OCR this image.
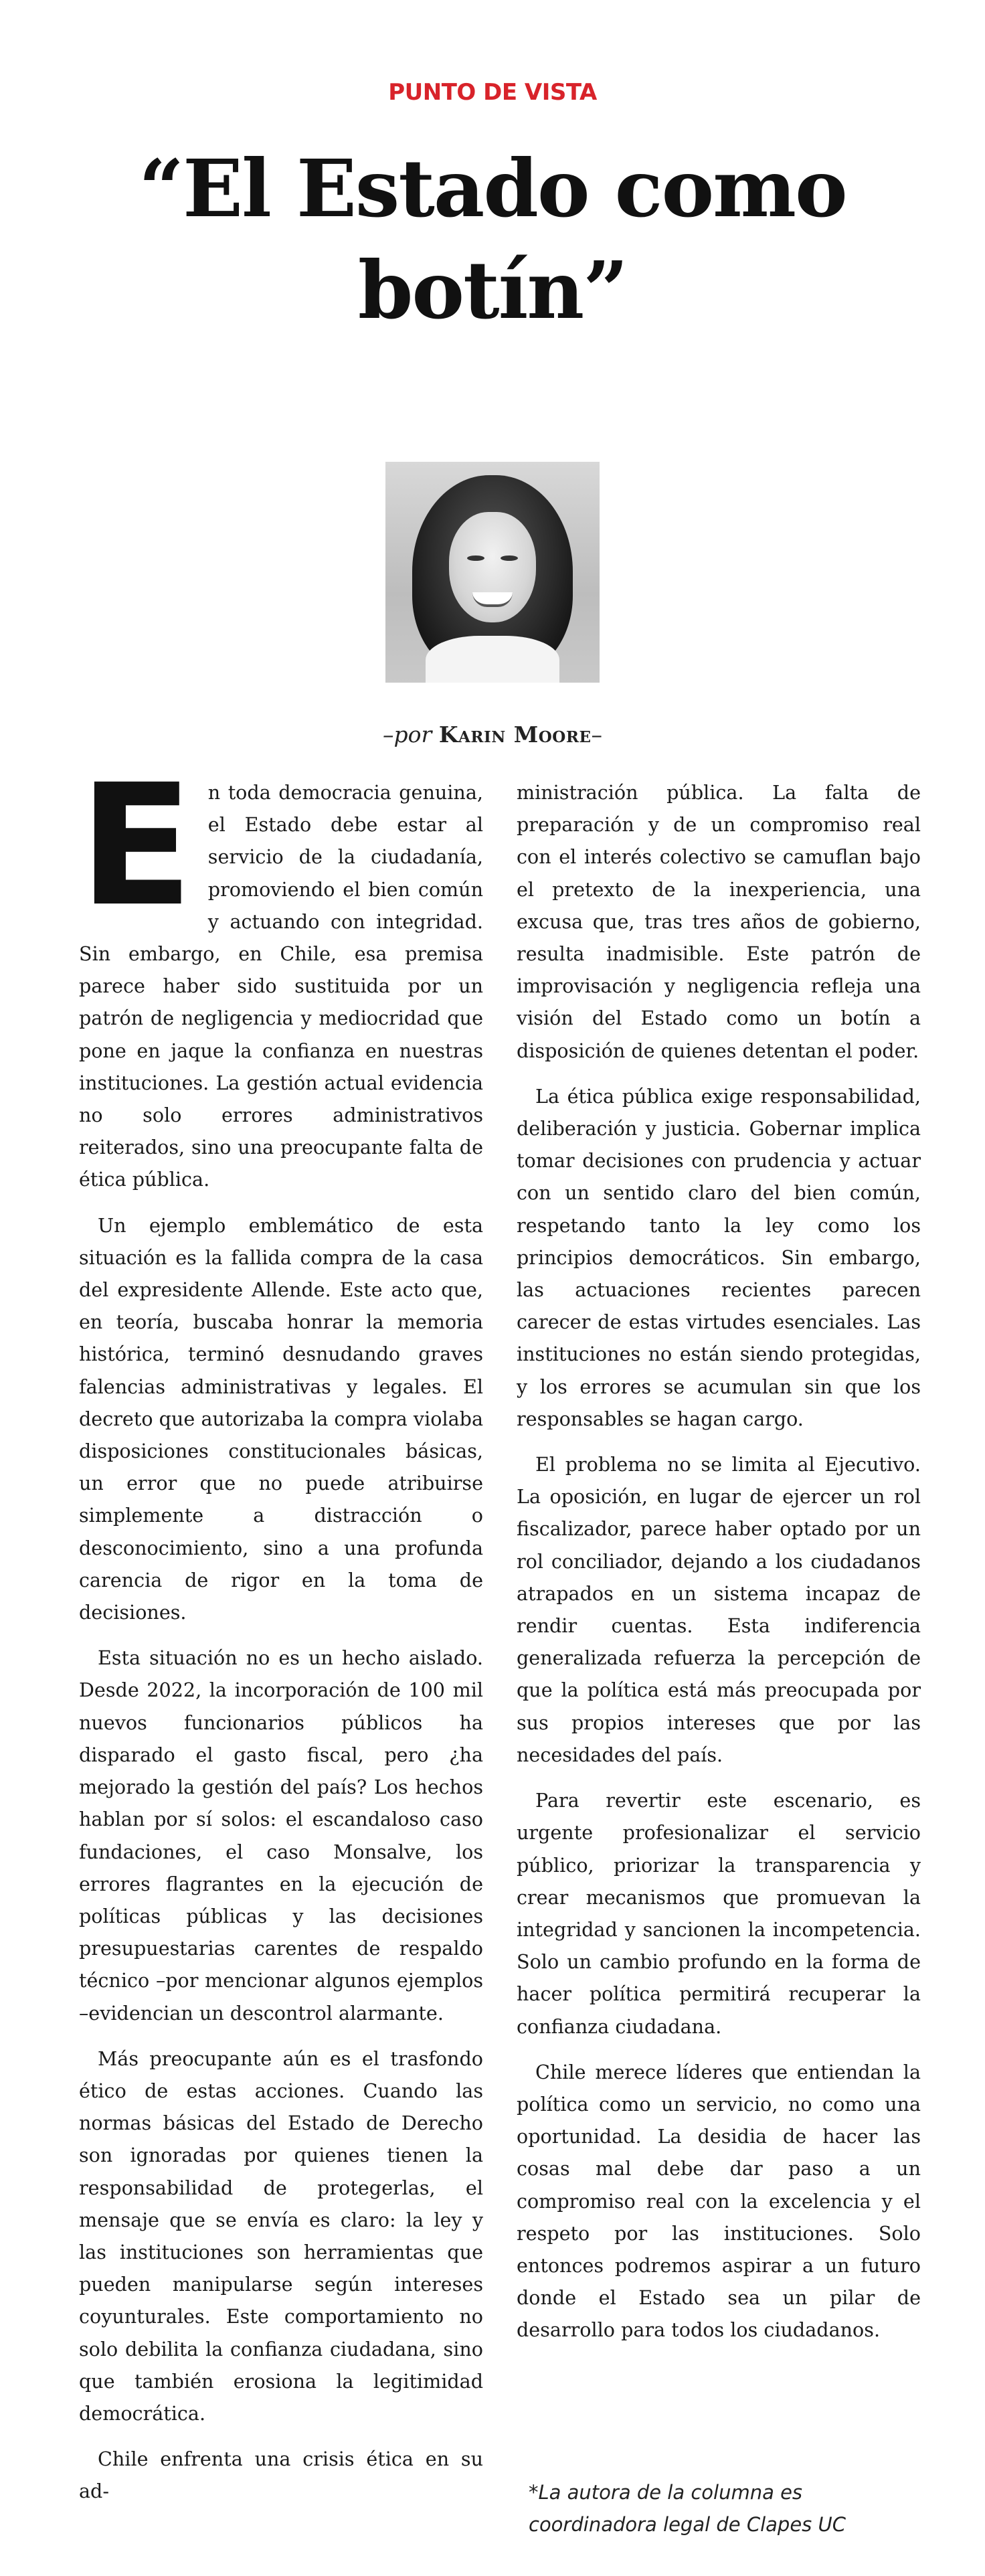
PUNTO DE VISTA
“El Estado como
botín”
–por Karin Moore–

En toda democracia genuina, el Estado debe estar al servicio de la ciudadanía, promoviendo el bien común y actuando con integridad. Sin embargo, en Chile, esa premisa parece haber sido sustituida por un patrón de negligencia y mediocridad que pone en jaque la confianza en nuestras instituciones. La gestión actual evidencia no solo errores administrativos reiterados, sino una preocupante falta de ética pública.

Un ejemplo emblemático de esta situación es la fallida compra de la casa del expresidente Allende. Este acto que, en teoría, buscaba honrar la memoria histórica, terminó desnudando graves falencias administrativas y legales. El decreto que autorizaba la compra violaba disposiciones constitucionales básicas, un error que no puede atribuirse simplemente a distracción o desconocimiento, sino a una profunda carencia de rigor en la toma de decisiones.

Esta situación no es un hecho aislado. Desde 2022, la incorporación de 100 mil nuevos funcionarios públicos ha disparado el gasto fiscal, pero ¿ha mejorado la gestión del país? Los hechos hablan por sí solos: el escandaloso caso fundaciones, el caso Monsalve, los errores flagrantes en la ejecución de políticas públicas y las decisiones presupuestarias carentes de respaldo técnico –por mencionar algunos ejemplos –evidencian un descontrol alarmante.

Más preocupante aún es el trasfondo ético de estas acciones. Cuando las normas básicas del Estado de Derecho son ignoradas por quienes tienen la responsabilidad de protegerlas, el mensaje que se envía es claro: la ley y las instituciones son herramientas que pueden manipularse según intereses coyunturales. Este comportamiento no solo debilita la confianza ciudadana, sino que también erosiona la legitimidad democrática.

Chile enfrenta una crisis ética en su ad-

ministración pública. La falta de preparación y de un compromiso real con el interés colectivo se camuflan bajo el pretexto de la inexperiencia, una excusa que, tras tres años de gobierno, resulta inadmisible. Este patrón de improvisación y negligencia refleja una visión del Estado como un botín a disposición de quienes detentan el poder.

La ética pública exige responsabilidad, deliberación y justicia. Gobernar implica tomar decisiones con prudencia y actuar con un sentido claro del bien común, respetando tanto la ley como los principios democráticos. Sin embargo, las actuaciones recientes parecen carecer de estas virtudes esenciales. Las instituciones no están siendo protegidas, y los errores se acumulan sin que los responsables se hagan cargo.

El problema no se limita al Ejecutivo. La oposición, en lugar de ejercer un rol fiscalizador, parece haber optado por un rol conciliador, dejando a los ciudadanos atrapados en un sistema incapaz de rendir cuentas. Esta indiferencia generalizada refuerza la percepción de que la política está más preocupada por sus propios intereses que por las necesidades del país.

Para revertir este escenario, es urgente profesionalizar el servicio público, priorizar la transparencia y crear mecanismos que promuevan la integridad y sancionen la incompetencia. Solo un cambio profundo en la forma de hacer política permitirá recuperar la confianza ciudadana.

Chile merece líderes que entiendan la política como un servicio, no como una oportunidad. La desidia de hacer las cosas mal debe dar paso a un compromiso real con la excelencia y el respeto por las instituciones. Solo entonces podremos aspirar a un futuro donde el Estado sea un pilar de desarrollo para todos los ciudadanos.

*La autora de la columna es coordinadora legal de Clapes UC
